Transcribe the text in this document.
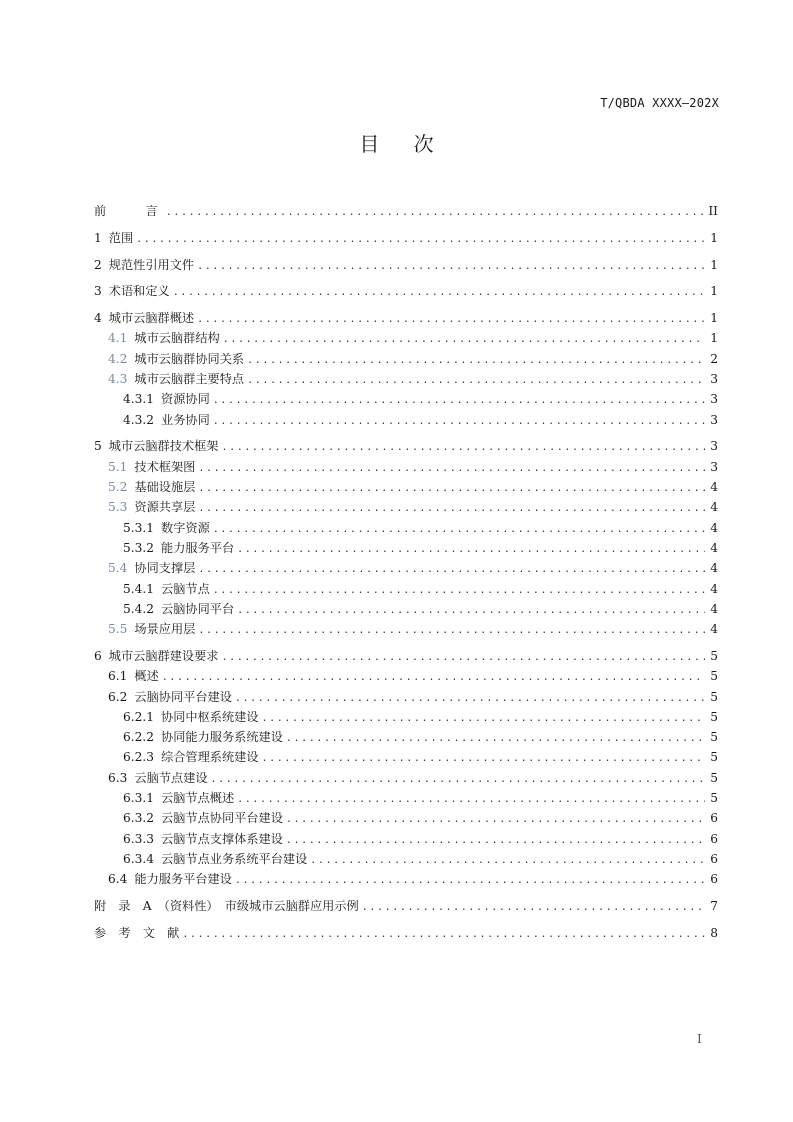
T/QBDA XXXX—202X
目 次
前　　言 .....	II
1 范围 .....	1
2 规范性引用文件 .....	1
3 术语和定义 .....	1
4 城市云脑群概述 .....	1
4.1 城市云脑群结构 .....	1
4.2 城市云脑群协同关系 .....	2
4.3 城市云脑群主要特点 .....	3
4.3.1 资源协同 .....	3
4.3.2 业务协同 .....	3
5 城市云脑群技术框架 .....	3
5.1 技术框架图 .....	3
5.2 基础设施层 .....	4
5.3 资源共享层 .....	4
5.3.1 数字资源 .....	4
5.3.2 能力服务平台 .....	4
5.4 协同支撑层 .....	4
5.4.1 云脑节点 .....	4
5.4.2 云脑协同平台 .....	4
5.5 场景应用层 .....	4
6 城市云脑群建设要求 .....	5
6.1 概述 .....	5
6.2 云脑协同平台建设 .....	5
6.2.1 协同中枢系统建设 .....	5
6.2.2 协同能力服务系统建设 .....	5
6.2.3 综合管理系统建设 .....	5
6.3 云脑节点建设 .....	5
6.3.1 云脑节点概述 .....	5
6.3.2 云脑节点协同平台建设 .....	6
6.3.3 云脑节点支撑体系建设 .....	6
6.3.4 云脑节点业务系统平台建设 .....	6
6.4 能力服务平台建设 .....	6
附　录　A　（资料性）　市级城市云脑群应用示例 .....	7
参　考　文　献 .....	8
I
